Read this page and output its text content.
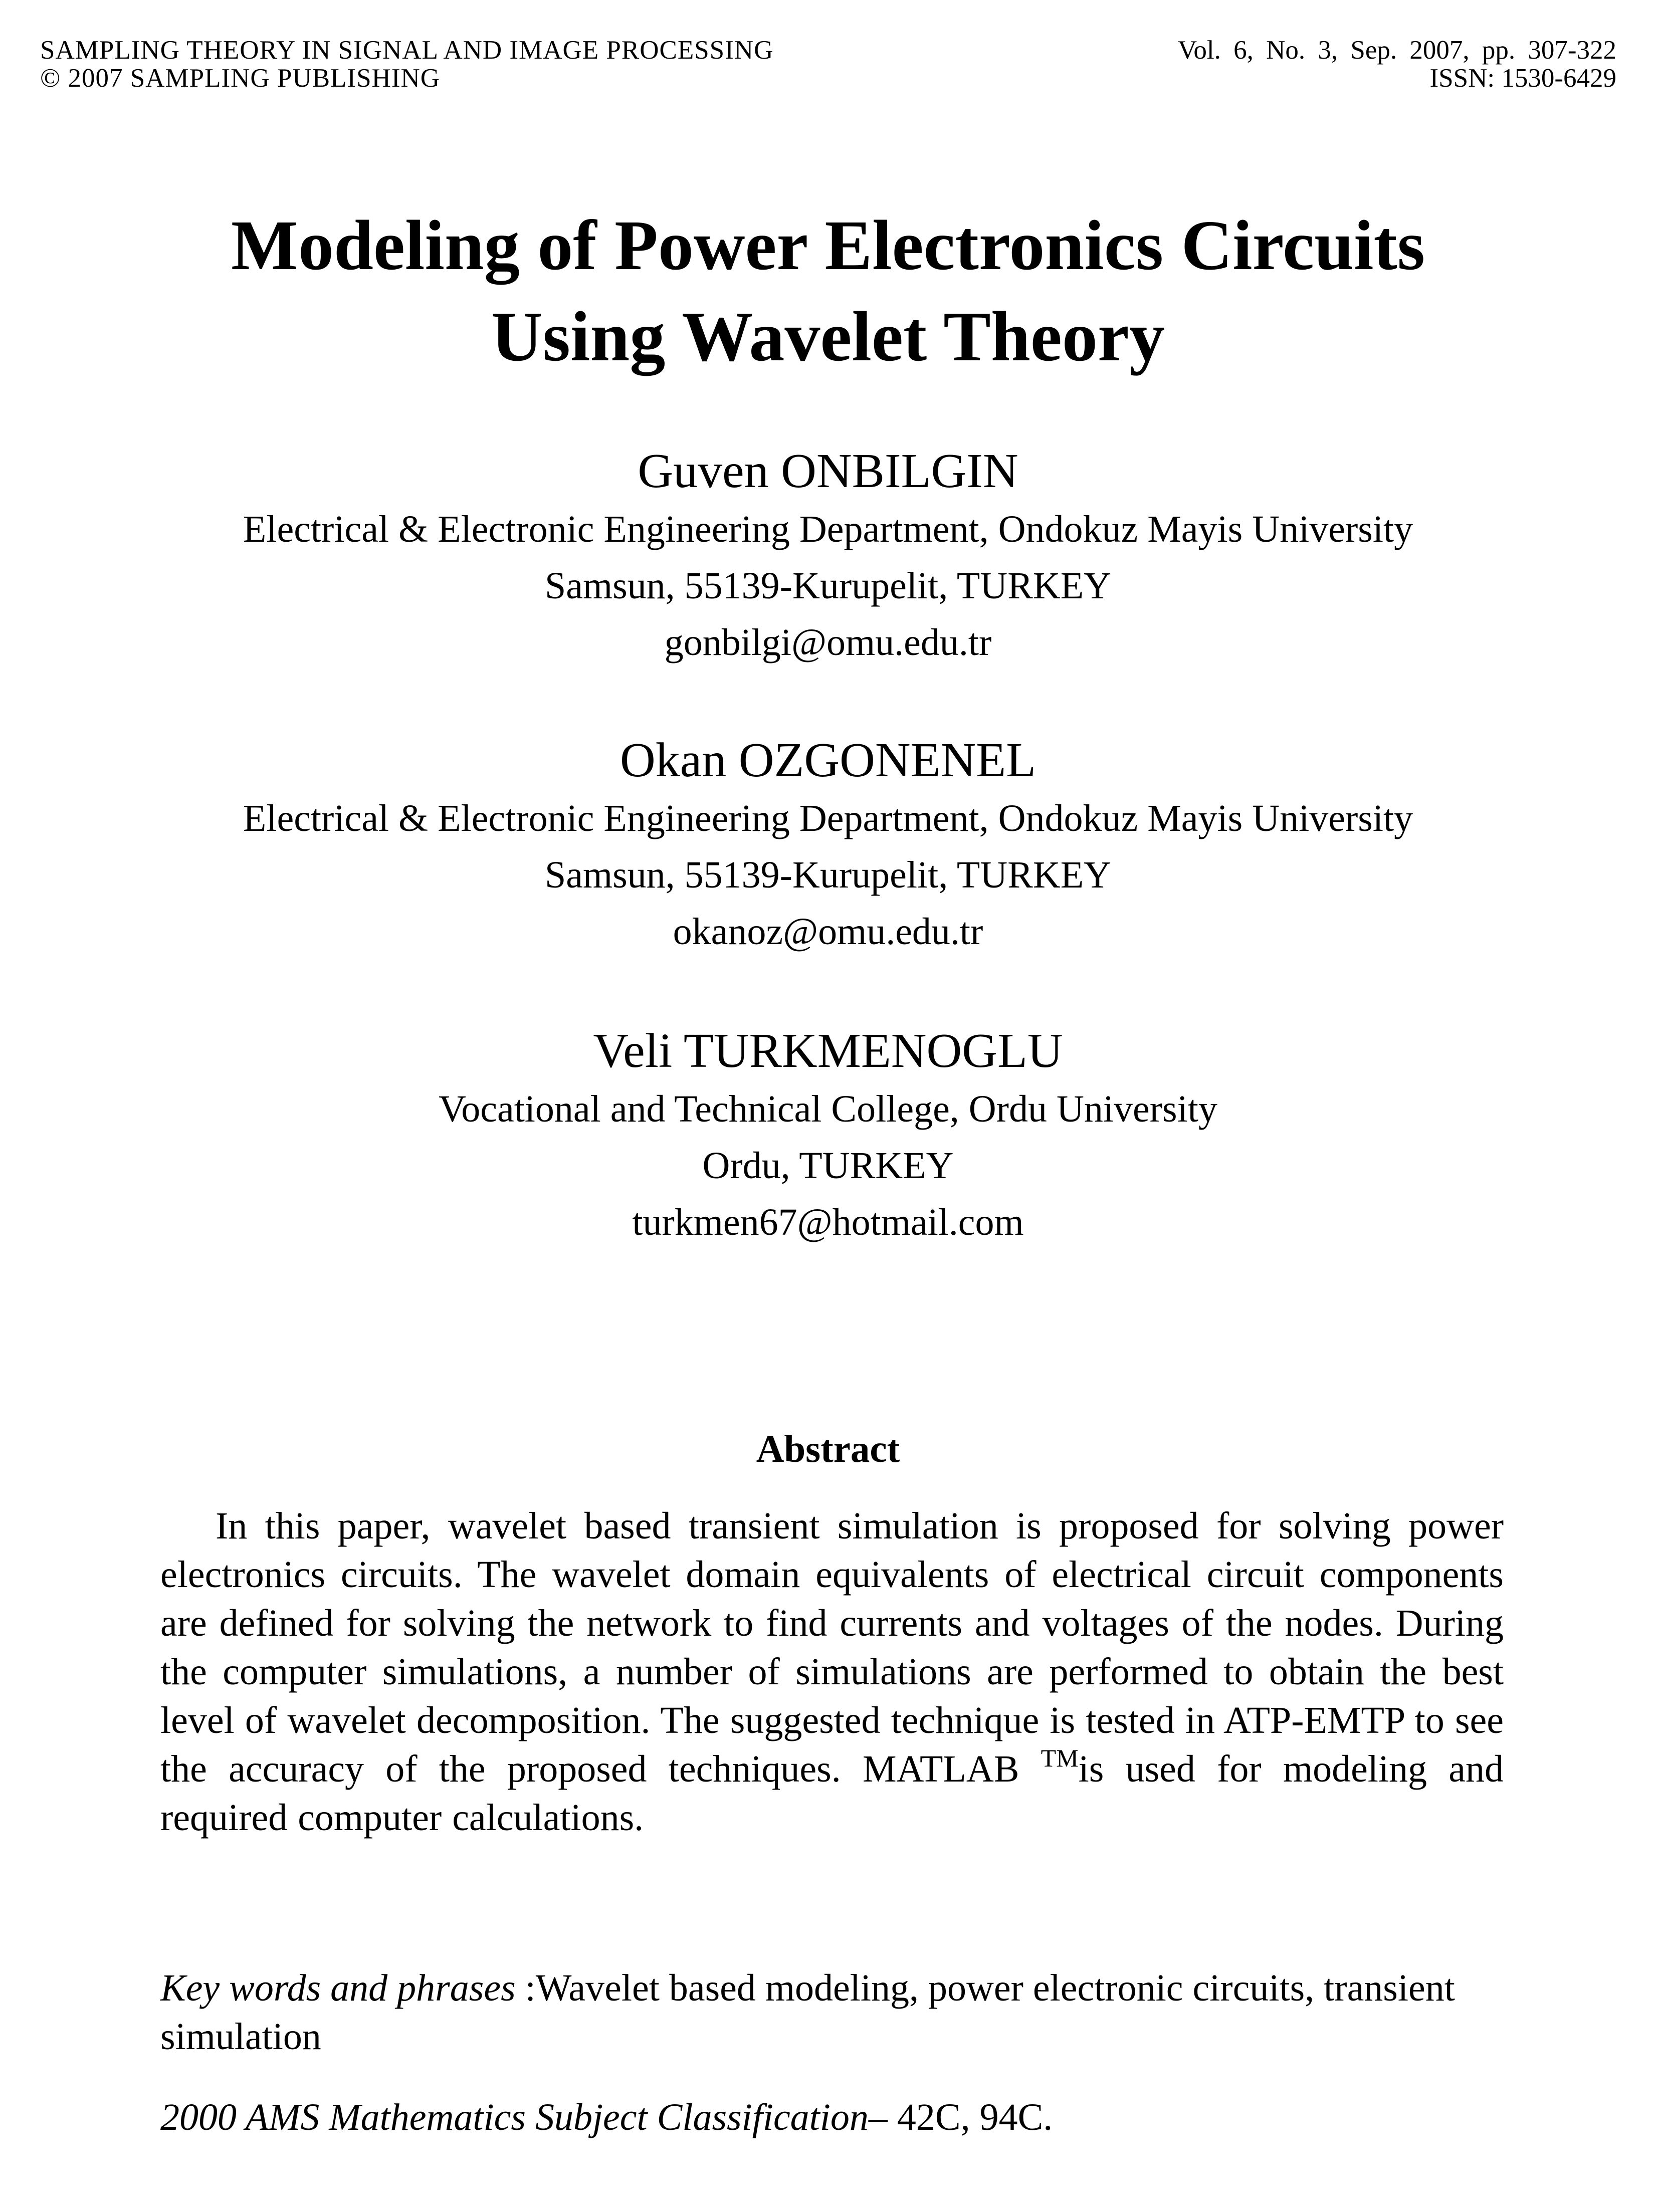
SAMPLING THEORY IN SIGNAL AND IMAGE PROCESSING
© 2007 SAMPLING PUBLISHING
Vol. 6, No. 3, Sep. 2007, pp. 307-322
ISSN: 1530-6429
Modeling of Power Electronics Circuits
Using Wavelet Theory
Guven ONBILGIN
Electrical & Electronic Engineering Department, Ondokuz Mayis University
Samsun, 55139-Kurupelit, TURKEY
gonbilgi@omu.edu.tr
Okan OZGONENEL
Electrical & Electronic Engineering Department, Ondokuz Mayis University
Samsun, 55139-Kurupelit, TURKEY
okanoz@omu.edu.tr
Veli TURKMENOGLU
Vocational and Technical College, Ordu University
Ordu, TURKEY
turkmen67@hotmail.com
Abstract
In this paper, wavelet based transient simulation is proposed for solving power electronics circuits. The wavelet domain equivalents of electrical circuit components are defined for solving the network to find currents and voltages of the nodes. During the computer simulations, a number of simulations are performed to obtain the best level of wavelet decomposition. The suggested technique is tested in ATP-EMTP to see the accuracy of the proposed techniques. MATLAB ™is used for modeling and required computer calculations.
Key words and phrases :Wavelet based modeling, power electronic circuits, transient simulation
2000 AMS Mathematics Subject Classification– 42C, 94C.
